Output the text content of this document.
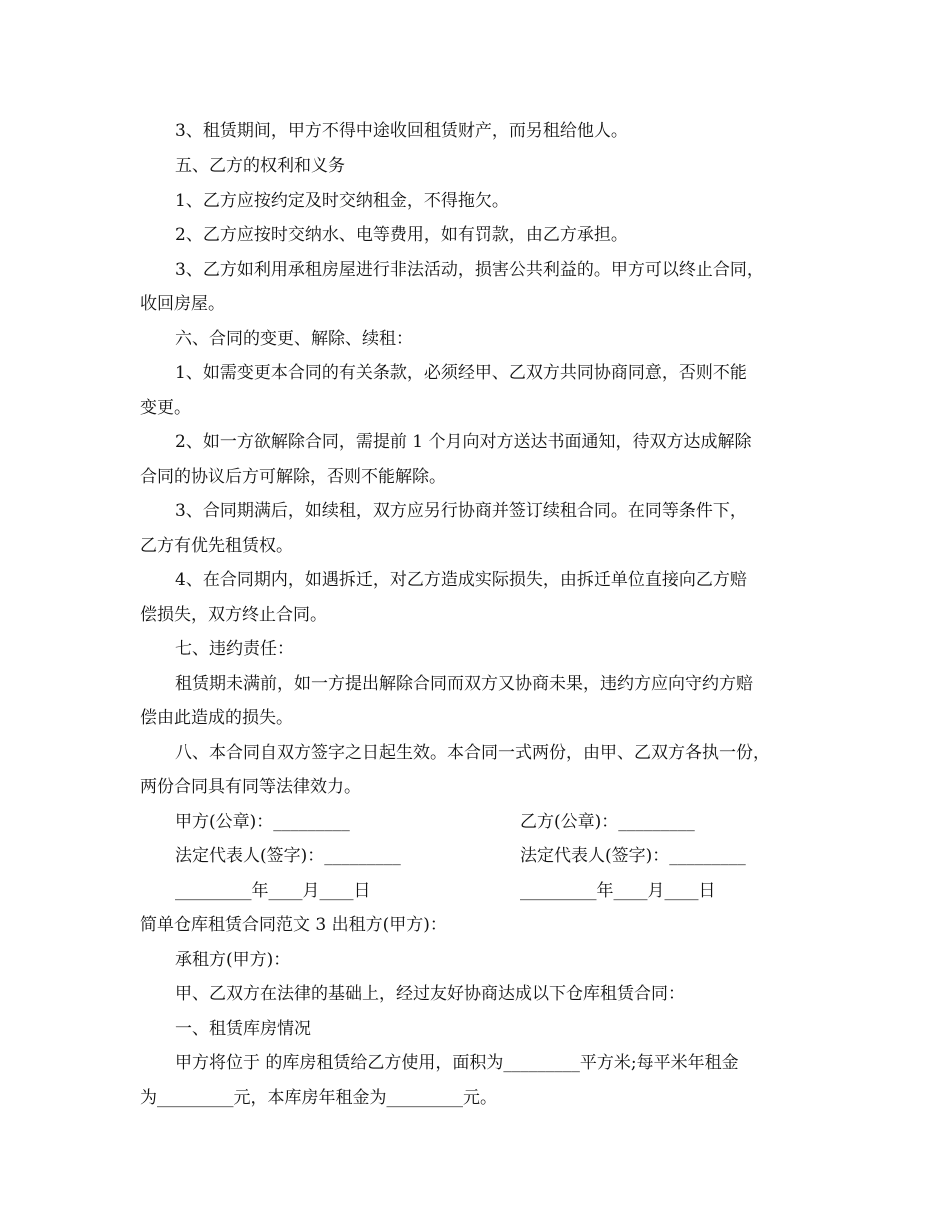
3、租赁期间，甲方不得中途收回租赁财产，而另租给他人。
五、乙方的权利和义务
1、乙方应按约定及时交纳租金，不得拖欠。
2、乙方应按时交纳水、电等费用，如有罚款，由乙方承担。
3、乙方如利用承租房屋进行非法活动，损害公共利益的。甲方可以终止合同，
收回房屋。
六、合同的变更、解除、续租：
1、如需变更本合同的有关条款，必须经甲、乙双方共同协商同意，否则不能
变更。
2、如一方欲解除合同，需提前 1 个月向对方送达书面通知，待双方达成解除
合同的协议后方可解除，否则不能解除。
3、合同期满后，如续租，双方应另行协商并签订续租合同。在同等条件下，
乙方有优先租赁权。
4、在合同期内，如遇拆迁，对乙方造成实际损失，由拆迁单位直接向乙方赔
偿损失，双方终止合同。
七、违约责任：
租赁期未满前，如一方提出解除合同而双方又协商未果，违约方应向守约方赔
偿由此造成的损失。
八、本合同自双方签字之日起生效。本合同一式两份，由甲、乙双方各执一份，
两份合同具有同等法律效力。
甲方(公章)：_________	乙方(公章)：_________
法定代表人(签字)：_________	法定代表人(签字)：_________
_________年____月____日	_________年____月____日
简单仓库租赁合同范文 3 出租方(甲方)：
承租方(甲方)：
甲、乙双方在法律的基础上，经过友好协商达成以下仓库租赁合同：
一、租赁库房情况
甲方将位于 的库房租赁给乙方使用，面积为_________平方米;每平米年租金
为_________元，本库房年租金为_________元。
